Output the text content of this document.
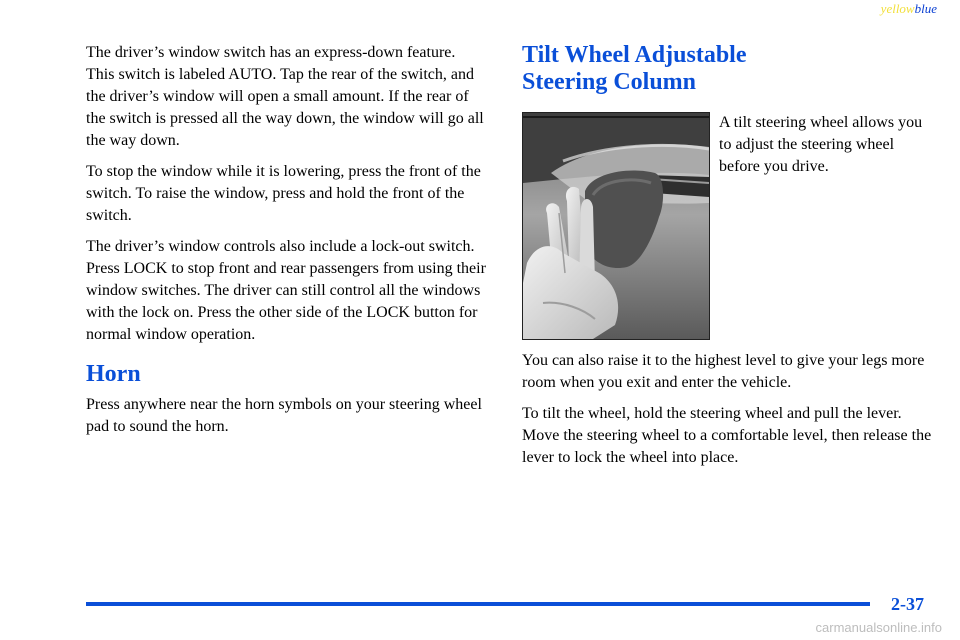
yellowblue

The driver’s window switch has an express-down feature. This switch is labeled AUTO. Tap the rear of the switch, and the driver’s window will open a small amount. If the rear of the switch is pressed all the way down, the window will go all the way down.

To stop the window while it is lowering, press the front of the switch. To raise the window, press and hold the front of the switch.

The driver’s window controls also include a lock-out switch. Press LOCK to stop front and rear passengers from using their window switches. The driver can still control all the windows with the lock on. Press the other side of the LOCK button for normal window operation.

Horn

Press anywhere near the horn symbols on your steering wheel pad to sound the horn.

Tilt Wheel Adjustable
Steering Column

A tilt steering wheel allows you to adjust the steering wheel before you drive.

You can also raise it to the highest level to give your legs more room when you exit and enter the vehicle.

To tilt the wheel, hold the steering wheel and pull the lever. Move the steering wheel to a comfortable level, then release the lever to lock the wheel into place.

2-37
carmanualsonline.info
